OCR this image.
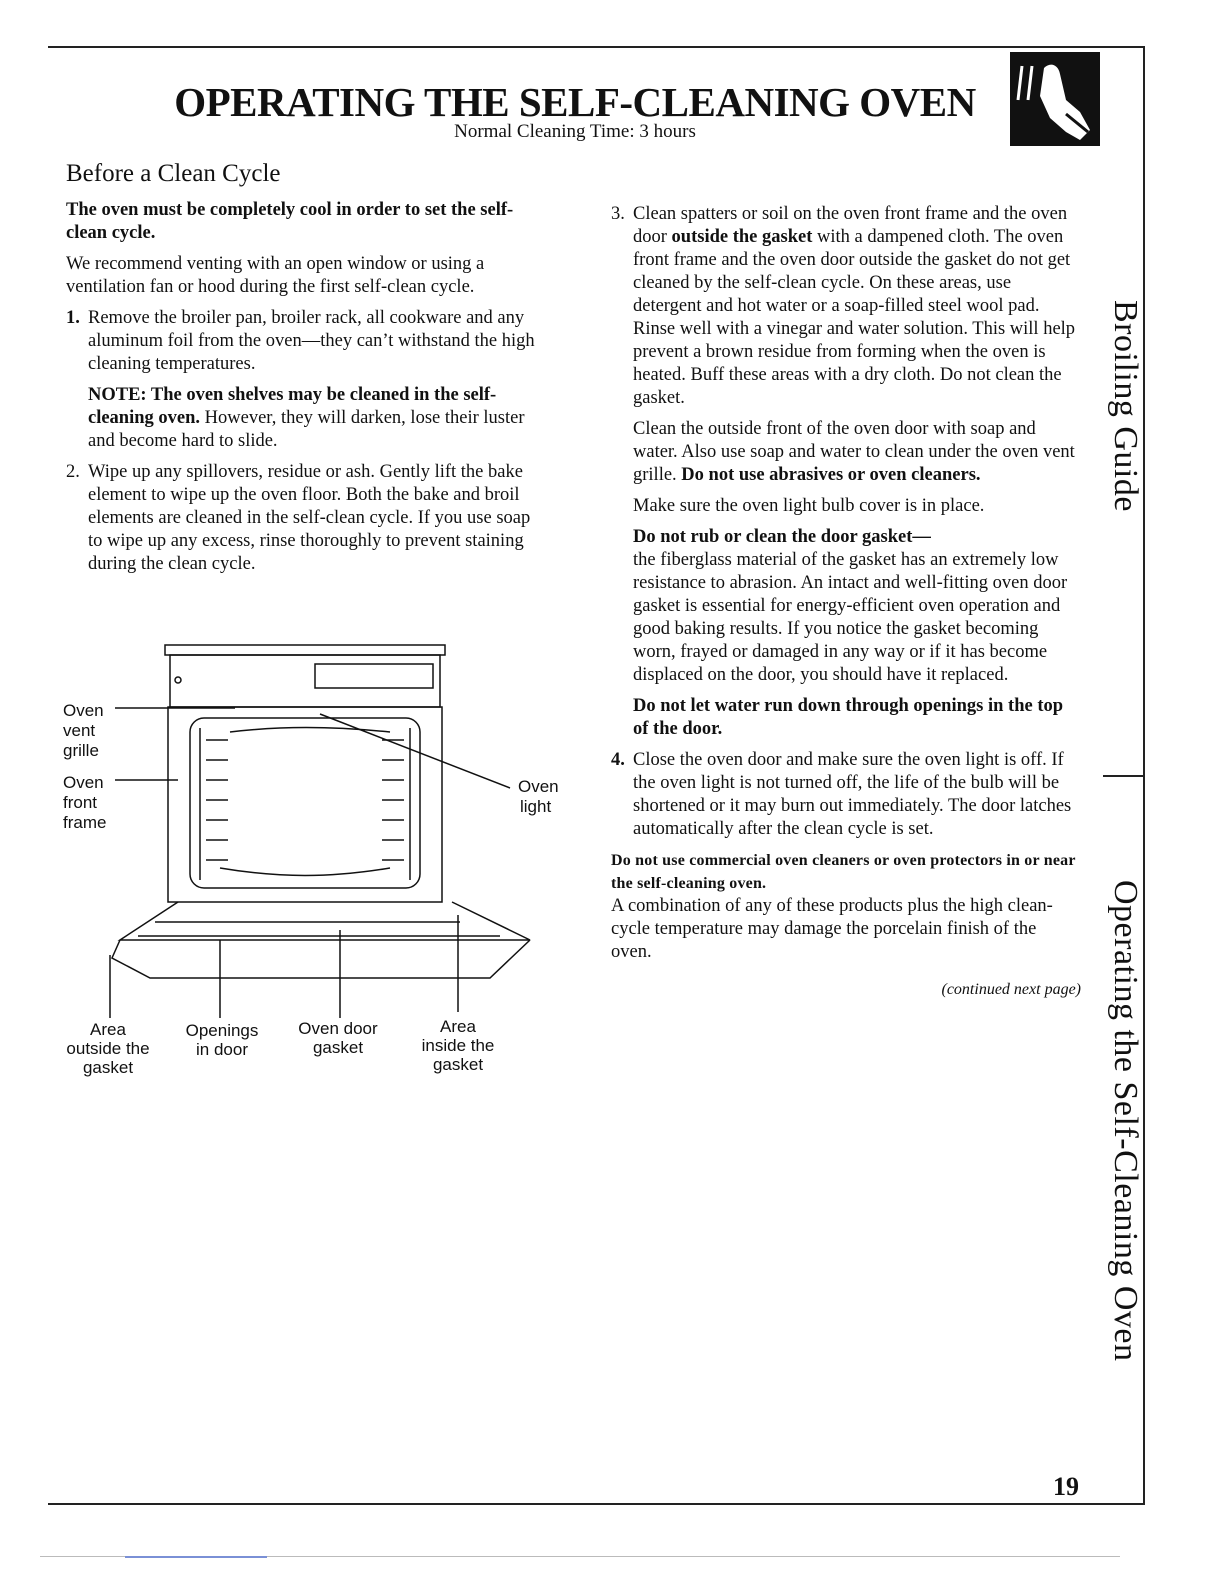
OPERATING THE SELF-CLEANING OVEN
Normal Cleaning Time: 3 hours
Before a Clean Cycle

The oven must be completely cool in order to set the self-clean cycle.

We recommend venting with an open window or using a ventilation fan or hood during the first self-clean cycle.

1. Remove the broiler pan, broiler rack, all cookware and any aluminum foil from the oven—they can’t withstand the high cleaning temperatures.

NOTE: The oven shelves may be cleaned in the self-cleaning oven. However, they will darken, lose their luster and become hard to slide.

2. Wipe up any spillovers, residue or ash. Gently lift the bake element to wipe up the oven floor. Both the bake and broil elements are cleaned in the self-clean cycle. If you use soap to wipe up any excess, rinse thoroughly to prevent staining during the clean cycle.
Oven
vent
grille
Oven
front
frame
Oven
light
Area
outside the
gasket
Openings
in door
Oven door
gasket
Area
inside the
gasket
3. Clean spatters or soil on the oven front frame and the oven door outside the gasket with a dampened cloth. The oven front frame and the oven door outside the gasket do not get cleaned by the self-clean cycle. On these areas, use detergent and hot water or a soap-filled steel wool pad. Rinse well with a vinegar and water solution. This will help prevent a brown residue from forming when the oven is heated. Buff these areas with a dry cloth. Do not clean the gasket.

Clean the outside front of the oven door with soap and water. Also use soap and water to clean under the oven vent grille. Do not use abrasives or oven cleaners.

Make sure the oven light bulb cover is in place.

Do not rub or clean the door gasket—
the fiberglass material of the gasket has an extremely low resistance to abrasion. An intact and well-fitting oven door gasket is essential for energy-efficient oven operation and good baking results. If you notice the gasket becoming worn, frayed or damaged in any way or if it has become displaced on the door, you should have it replaced.

Do not let water run down through openings in the top of the door.

4. Close the oven door and make sure the oven light is off. If the oven light is not turned off, the life of the bulb will be shortened or it may burn out immediately. The door latches automatically after the clean cycle is set.

Do not use commercial oven cleaners or oven protectors in or near the self-cleaning oven.
A combination of any of these products plus the high clean-cycle temperature may damage the porcelain finish of the oven.

(continued next page)
Broiling Guide
Operating the Self-Cleaning Oven
19
